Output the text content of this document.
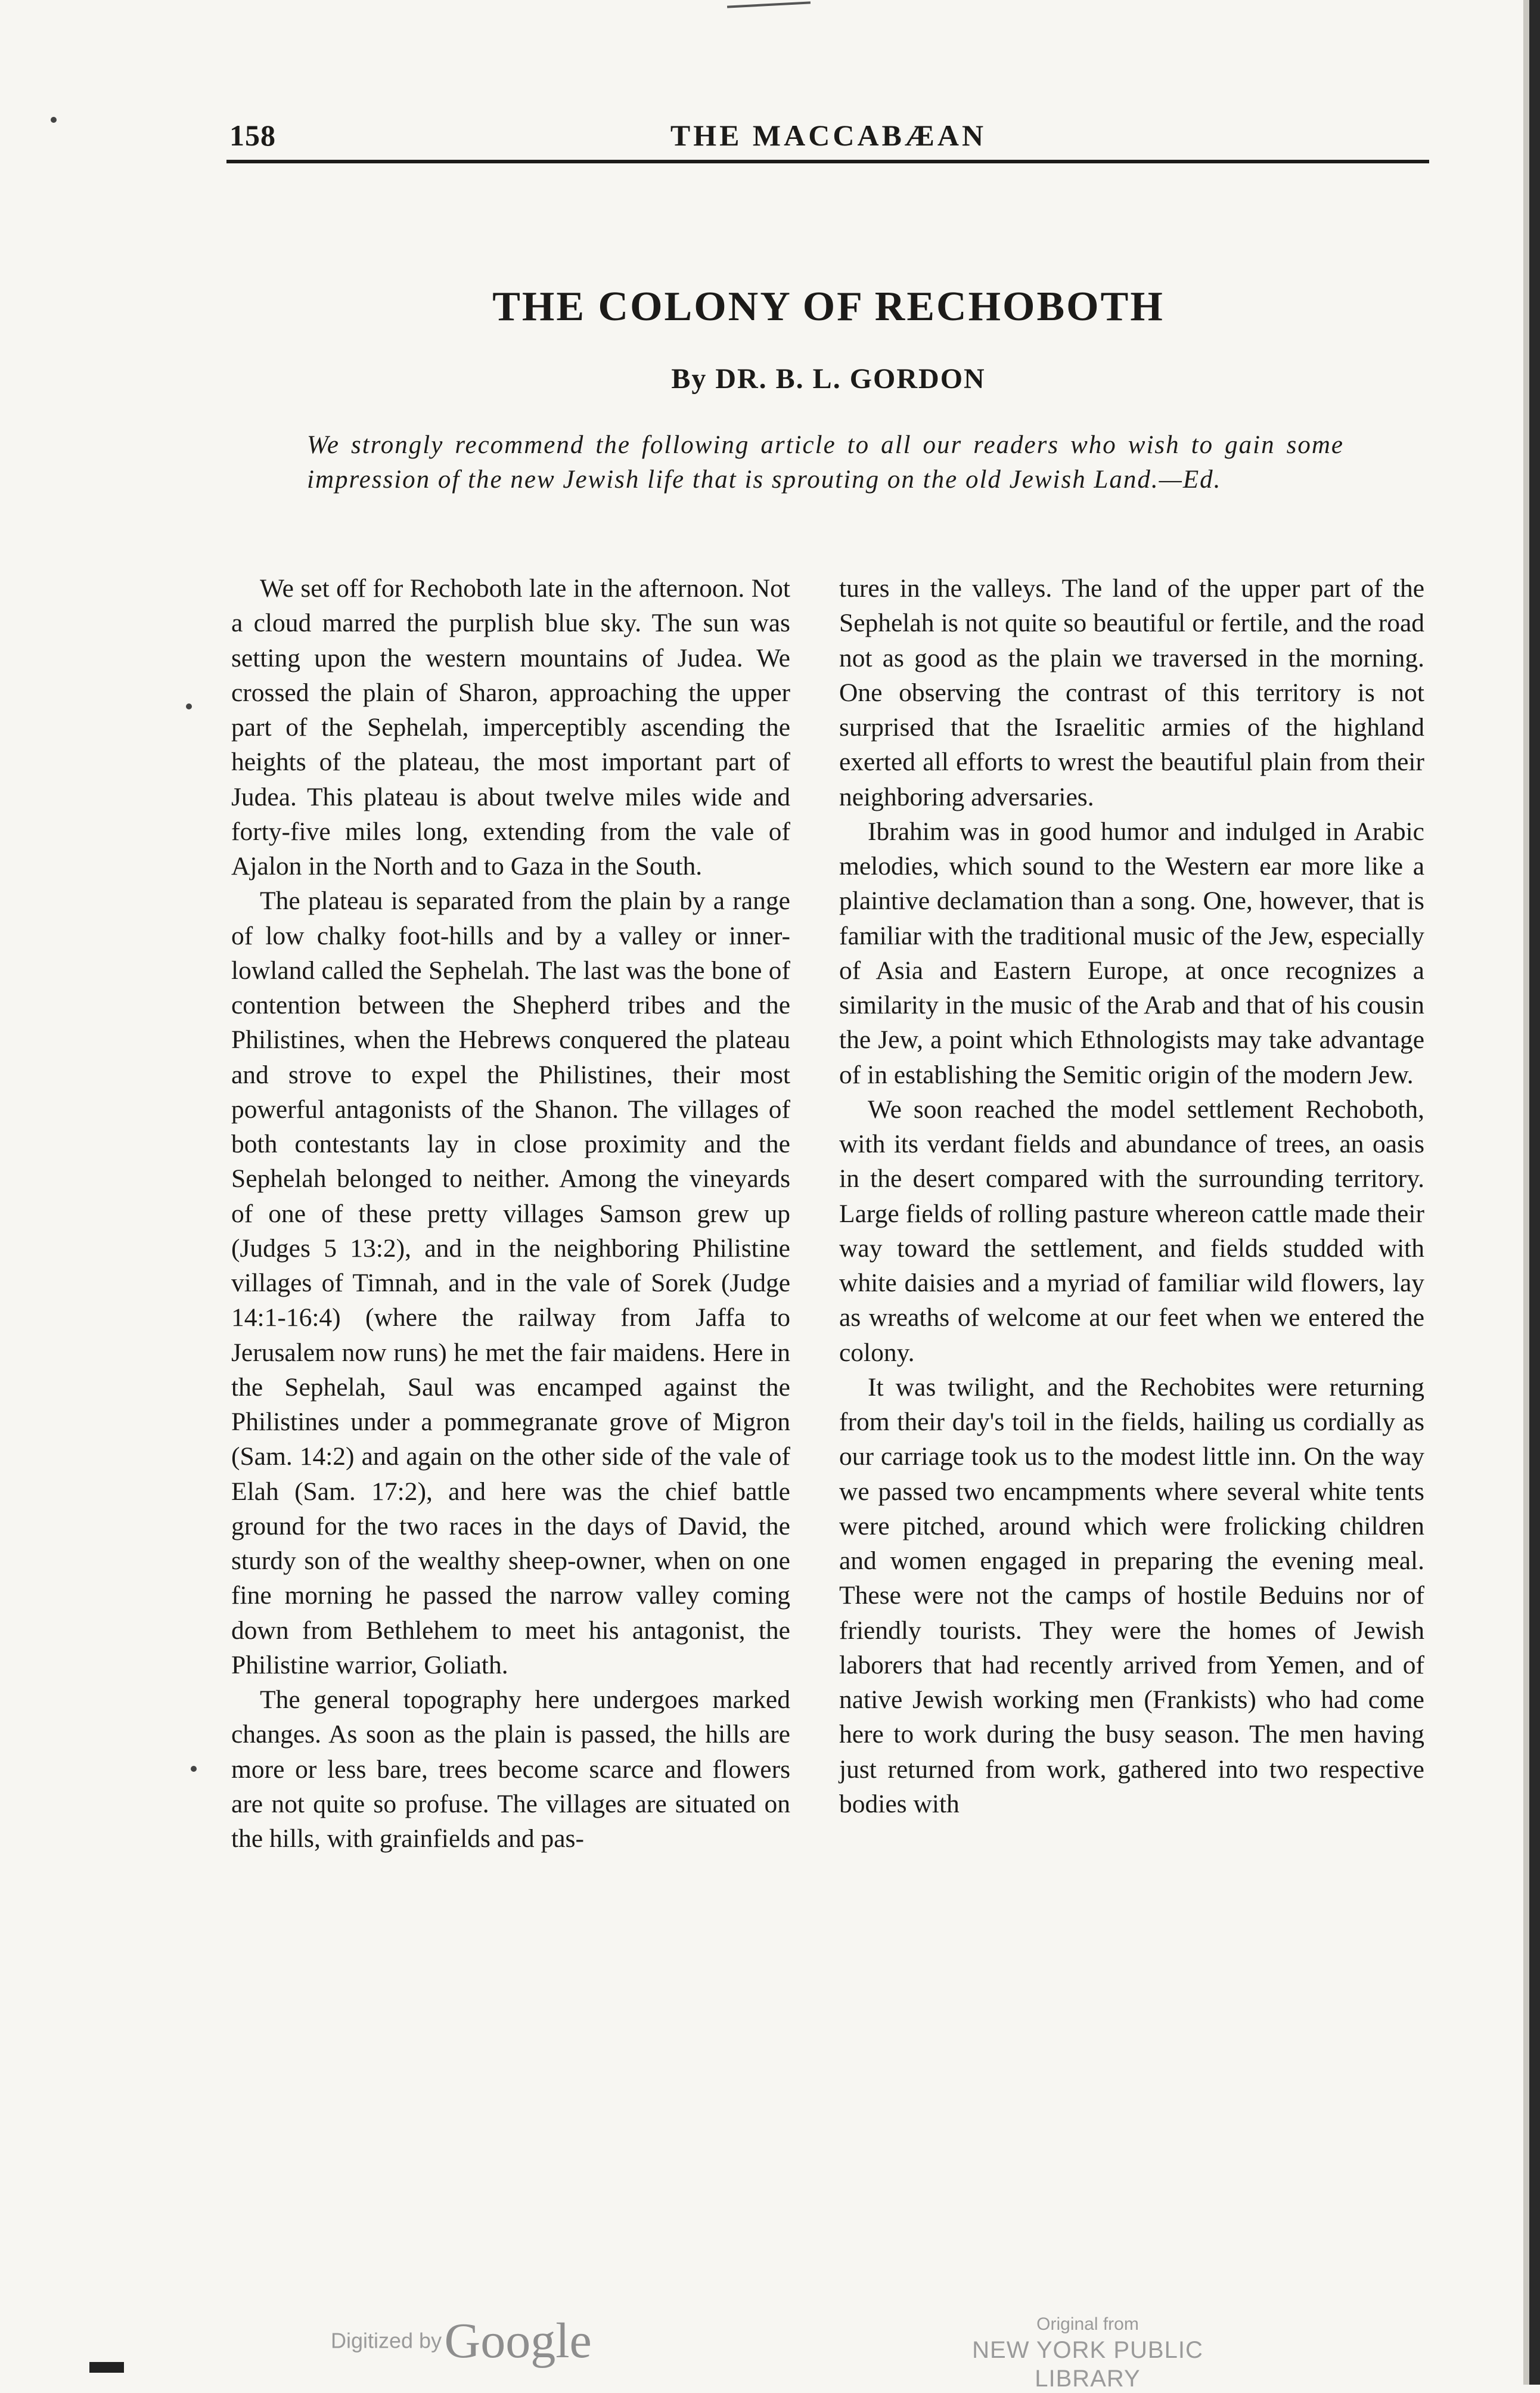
158	THE MACCABÆAN
THE COLONY OF RECHOBOTH
By DR. B. L. GORDON
We strongly recommend the following article to all our readers who wish to gain some impression of the new Jewish life that is sprouting on the old Jewish Land.—Ed.

We set off for Rechoboth late in the afternoon. Not a cloud marred the purplish blue sky. The sun was setting upon the western mountains of Judea. We crossed the plain of Sharon, approaching the upper part of the Sephelah, imperceptibly ascending the heights of the plateau, the most important part of Judea. This plateau is about twelve miles wide and forty-five miles long, extending from the vale of Ajalon in the North and to Gaza in the South.

The plateau is separated from the plain by a range of low chalky foot-hills and by a valley or inner-lowland called the Sephelah. The last was the bone of contention between the Shepherd tribes and the Philistines, when the Hebrews conquered the plateau and strove to expel the Philistines, their most powerful antagonists of the Shanon. The villages of both contestants lay in close proximity and the Sephelah belonged to neither. Among the vineyards of one of these pretty villages Samson grew up (Judges 5 13:2), and in the neighboring Philistine villages of Timnah, and in the vale of Sorek (Judge 14:1-16:4) (where the railway from Jaffa to Jerusalem now runs) he met the fair maidens. Here in the Sephelah, Saul was encamped against the Philistines under a pommegranate grove of Migron (Sam. 14:2) and again on the other side of the vale of Elah (Sam. 17:2), and here was the chief battle ground for the two races in the days of David, the sturdy son of the wealthy sheep-owner, when on one fine morning he passed the narrow valley coming down from Bethlehem to meet his antagonist, the Philistine warrior, Goliath.

The general topography here undergoes marked changes. As soon as the plain is passed, the hills are more or less bare, trees become scarce and flowers are not quite so profuse. The villages are situated on the hills, with grainfields and pas-

tures in the valleys. The land of the upper part of the Sephelah is not quite so beautiful or fertile, and the road not as good as the plain we traversed in the morning. One observing the contrast of this territory is not surprised that the Israelitic armies of the highland exerted all efforts to wrest the beautiful plain from their neighboring adversaries.

Ibrahim was in good humor and indulged in Arabic melodies, which sound to the Western ear more like a plaintive declamation than a song. One, however, that is familiar with the traditional music of the Jew, especially of Asia and Eastern Europe, at once recognizes a similarity in the music of the Arab and that of his cousin the Jew, a point which Ethnologists may take advantage of in establishing the Semitic origin of the modern Jew.

We soon reached the model settlement Rechoboth, with its verdant fields and abundance of trees, an oasis in the desert compared with the surrounding territory. Large fields of rolling pasture whereon cattle made their way toward the settlement, and fields studded with white daisies and a myriad of familiar wild flowers, lay as wreaths of welcome at our feet when we entered the colony.

It was twilight, and the Rechobites were returning from their day's toil in the fields, hailing us cordially as our carriage took us to the modest little inn. On the way we passed two encampments where several white tents were pitched, around which were frolicking children and women engaged in preparing the evening meal. These were not the camps of hostile Beduins nor of friendly tourists. They were the homes of Jewish laborers that had recently arrived from Yemen, and of native Jewish working men (Frankists) who had come here to work during the busy season. The men having just returned from work, gathered into two respective bodies with

Digitized by Google	Original from
NEW YORK PUBLIC LIBRARY
